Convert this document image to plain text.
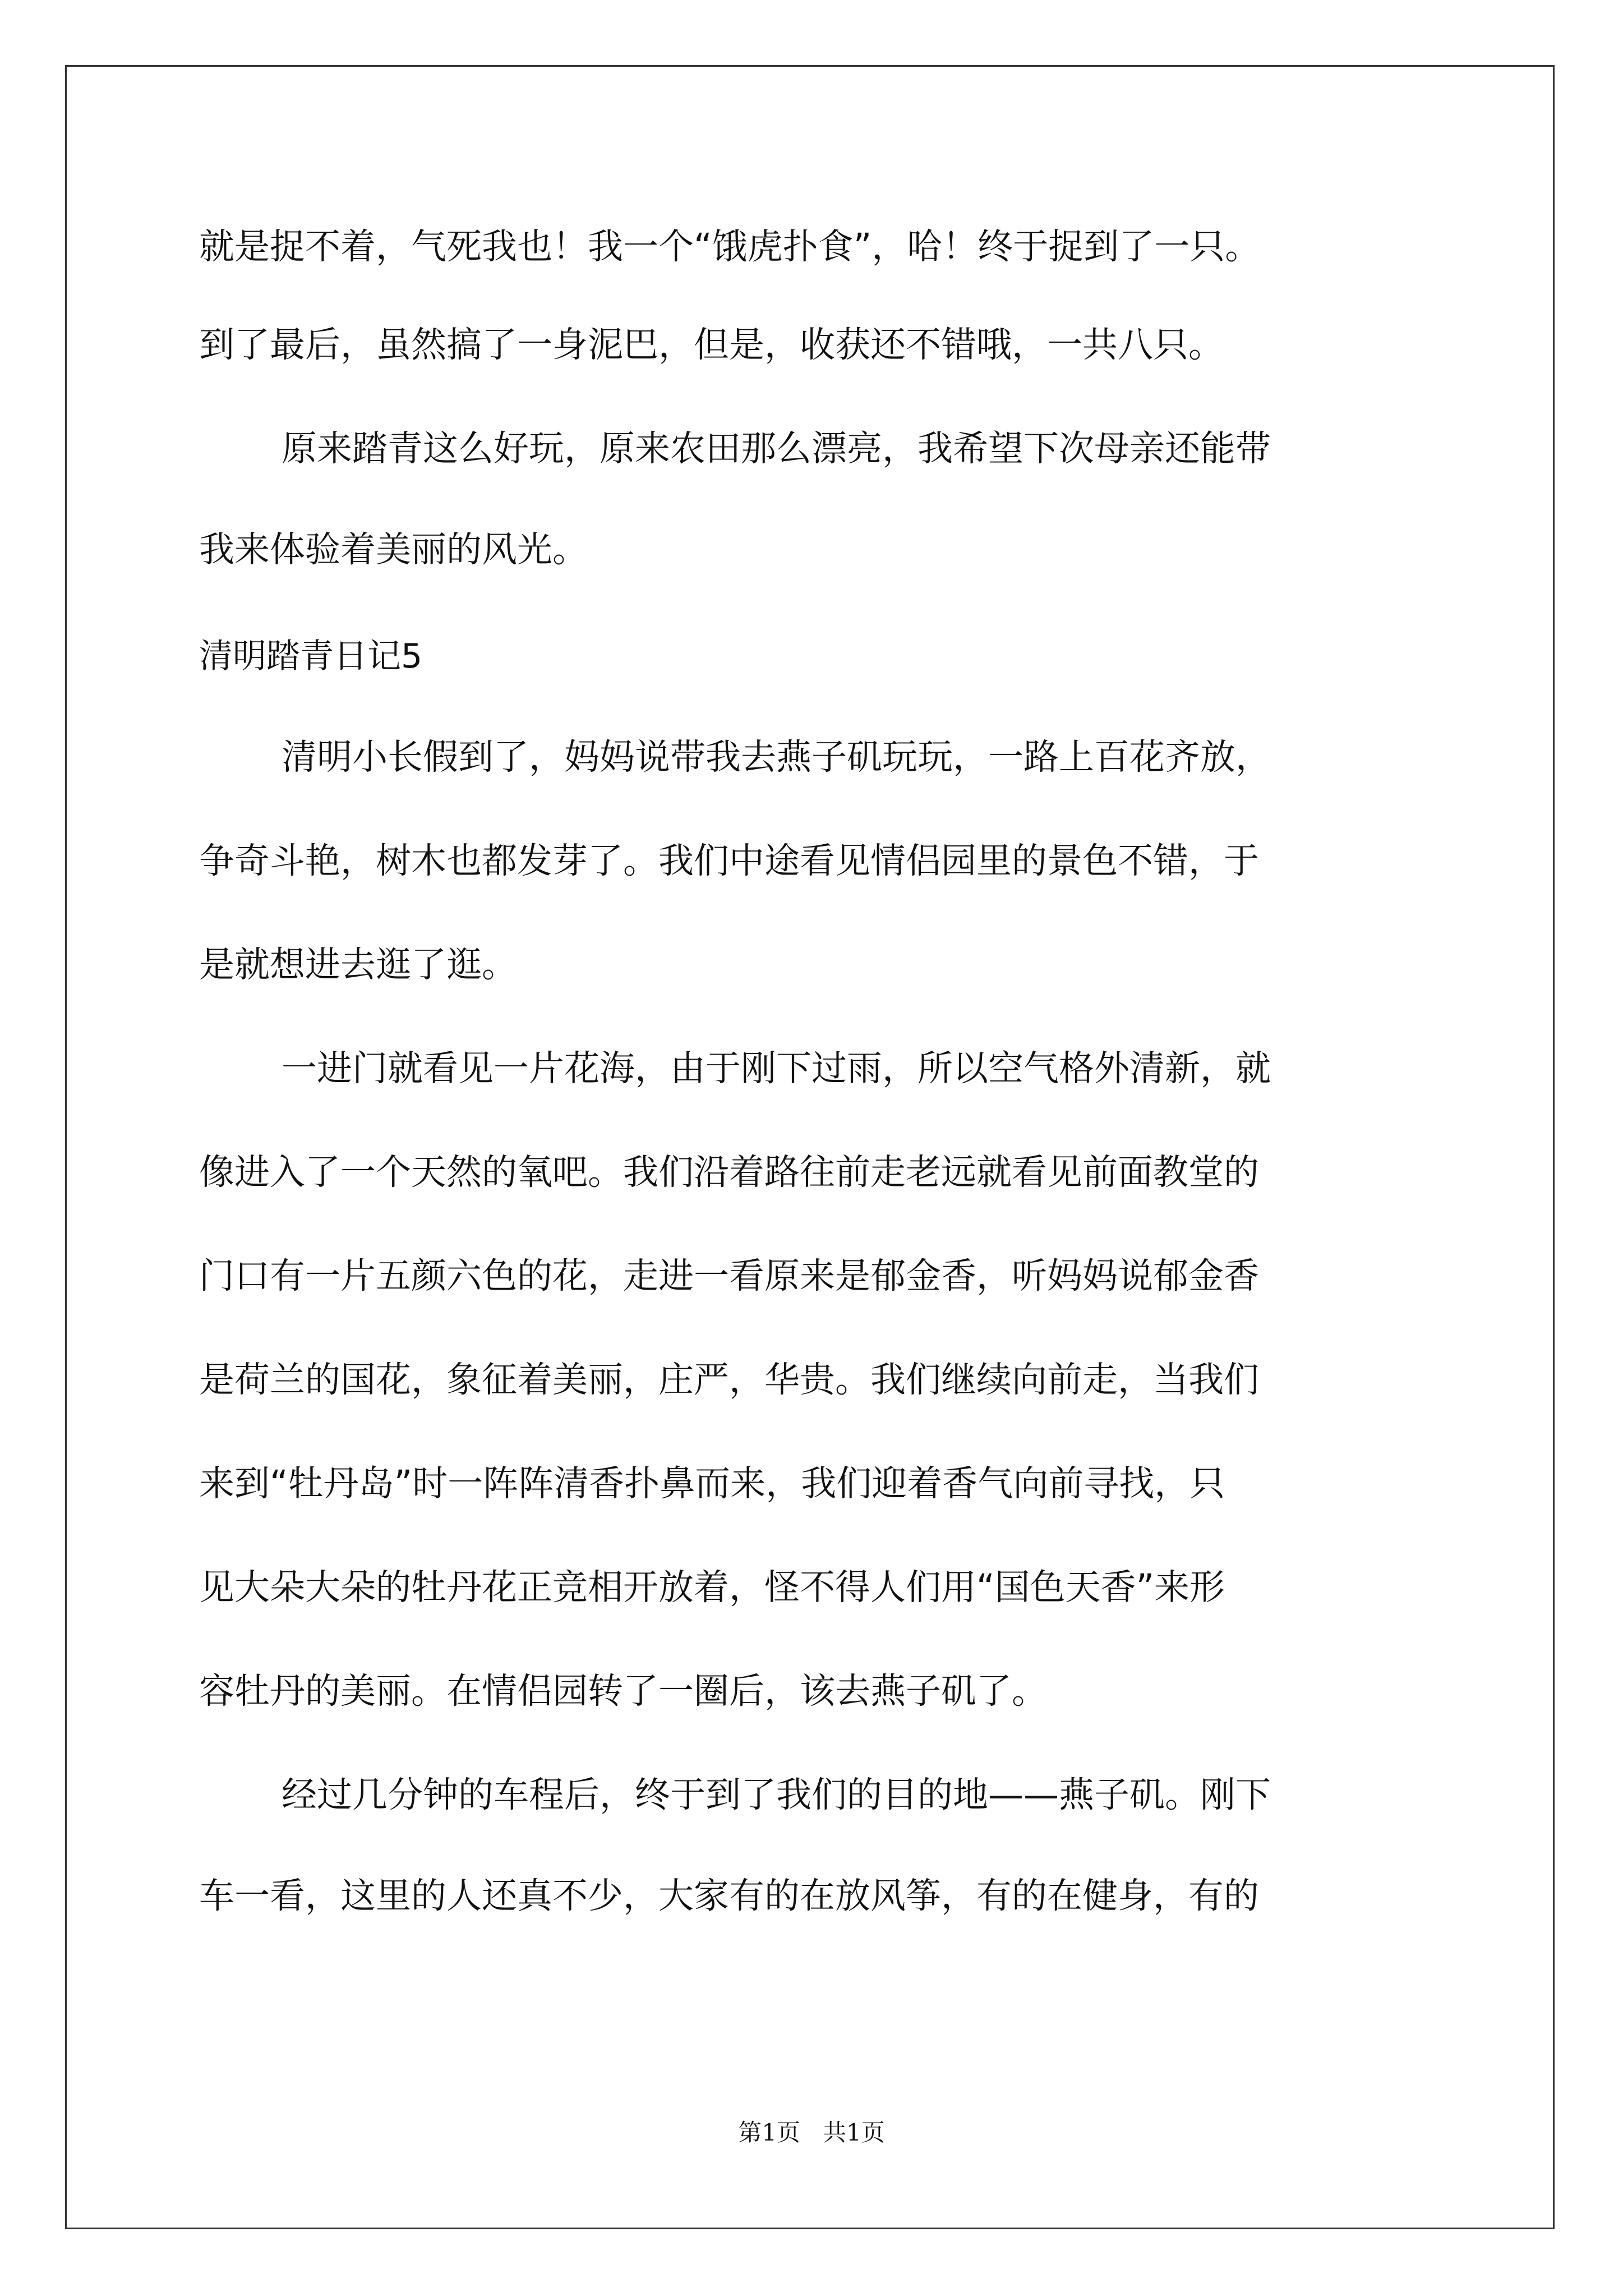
就是捉不着，气死我也！我一个“饿虎扑食”，哈！终于捉到了一只。

到了最后，虽然搞了一身泥巴，但是，收获还不错哦，一共八只。

原来踏青这么好玩，原来农田那么漂亮，我希望下次母亲还能带

我来体验着美丽的风光。

清明踏青日记5

清明小长假到了，妈妈说带我去燕子矶玩玩，一路上百花齐放，

争奇斗艳，树木也都发芽了。我们中途看见情侣园里的景色不错，于

是就想进去逛了逛。

一进门就看见一片花海，由于刚下过雨，所以空气格外清新，就

像进入了一个天然的氧吧。我们沿着路往前走老远就看见前面教堂的

门口有一片五颜六色的花，走进一看原来是郁金香，听妈妈说郁金香

是荷兰的国花，象征着美丽，庄严，华贵。我们继续向前走，当我们

来到“牡丹岛”时一阵阵清香扑鼻而来，我们迎着香气向前寻找，只

见大朵大朵的牡丹花正竞相开放着，怪不得人们用“国色天香”来形

容牡丹的美丽。在情侣园转了一圈后，该去燕子矶了。

经过几分钟的车程后，终于到了我们的目的地——燕子矶。刚下

车一看，这里的人还真不少，大家有的在放风筝，有的在健身，有的

第1页 共1页
